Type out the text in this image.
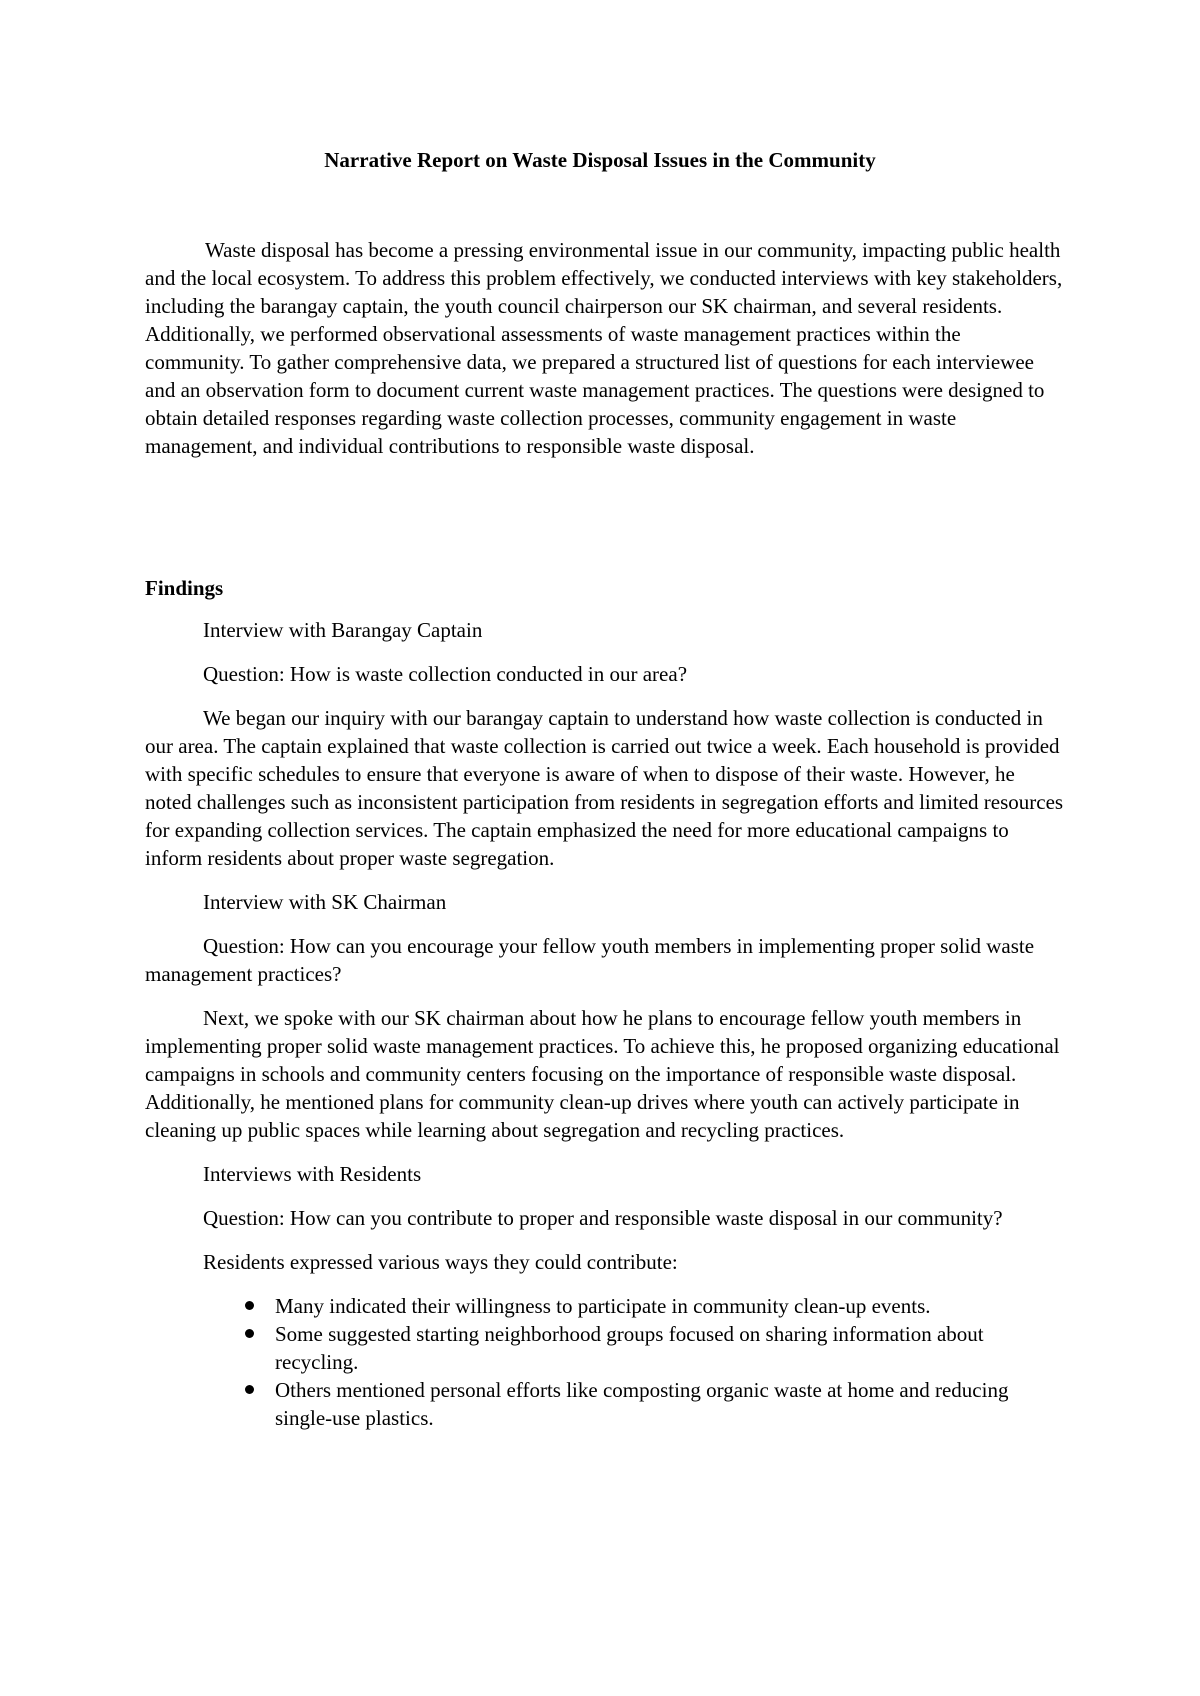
Narrative Report on Waste Disposal Issues in the Community

Waste disposal has become a pressing environmental issue in our community, impacting public health and the local ecosystem. To address this problem effectively, we conducted interviews with key stakeholders, including the barangay captain, the youth council chairperson our SK chairman, and several residents. Additionally, we performed observational assessments of waste management practices within the community. To gather comprehensive data, we prepared a structured list of questions for each interviewee and an observation form to document current waste management practices. The questions were designed to obtain detailed responses regarding waste collection processes, community engagement in waste management, and individual contributions to responsible waste disposal.

Findings

Interview with Barangay Captain

Question: How is waste collection conducted in our area?

We began our inquiry with our barangay captain to understand how waste collection is conducted in our area. The captain explained that waste collection is carried out twice a week. Each household is provided with specific schedules to ensure that everyone is aware of when to dispose of their waste. However, he noted challenges such as inconsistent participation from residents in segregation efforts and limited resources for expanding collection services. The captain emphasized the need for more educational campaigns to inform residents about proper waste segregation.

Interview with SK Chairman

Question: How can you encourage your fellow youth members in implementing proper solid waste management practices?

Next, we spoke with our SK chairman about how he plans to encourage fellow youth members in implementing proper solid waste management practices. To achieve this, he proposed organizing educational campaigns in schools and community centers focusing on the importance of responsible waste disposal. Additionally, he mentioned plans for community clean-up drives where youth can actively participate in cleaning up public spaces while learning about segregation and recycling practices.

Interviews with Residents

Question: How can you contribute to proper and responsible waste disposal in our community?

Residents expressed various ways they could contribute:

Many indicated their willingness to participate in community clean-up events.
Some suggested starting neighborhood groups focused on sharing information about recycling.
Others mentioned personal efforts like composting organic waste at home and reducing single-use plastics.
